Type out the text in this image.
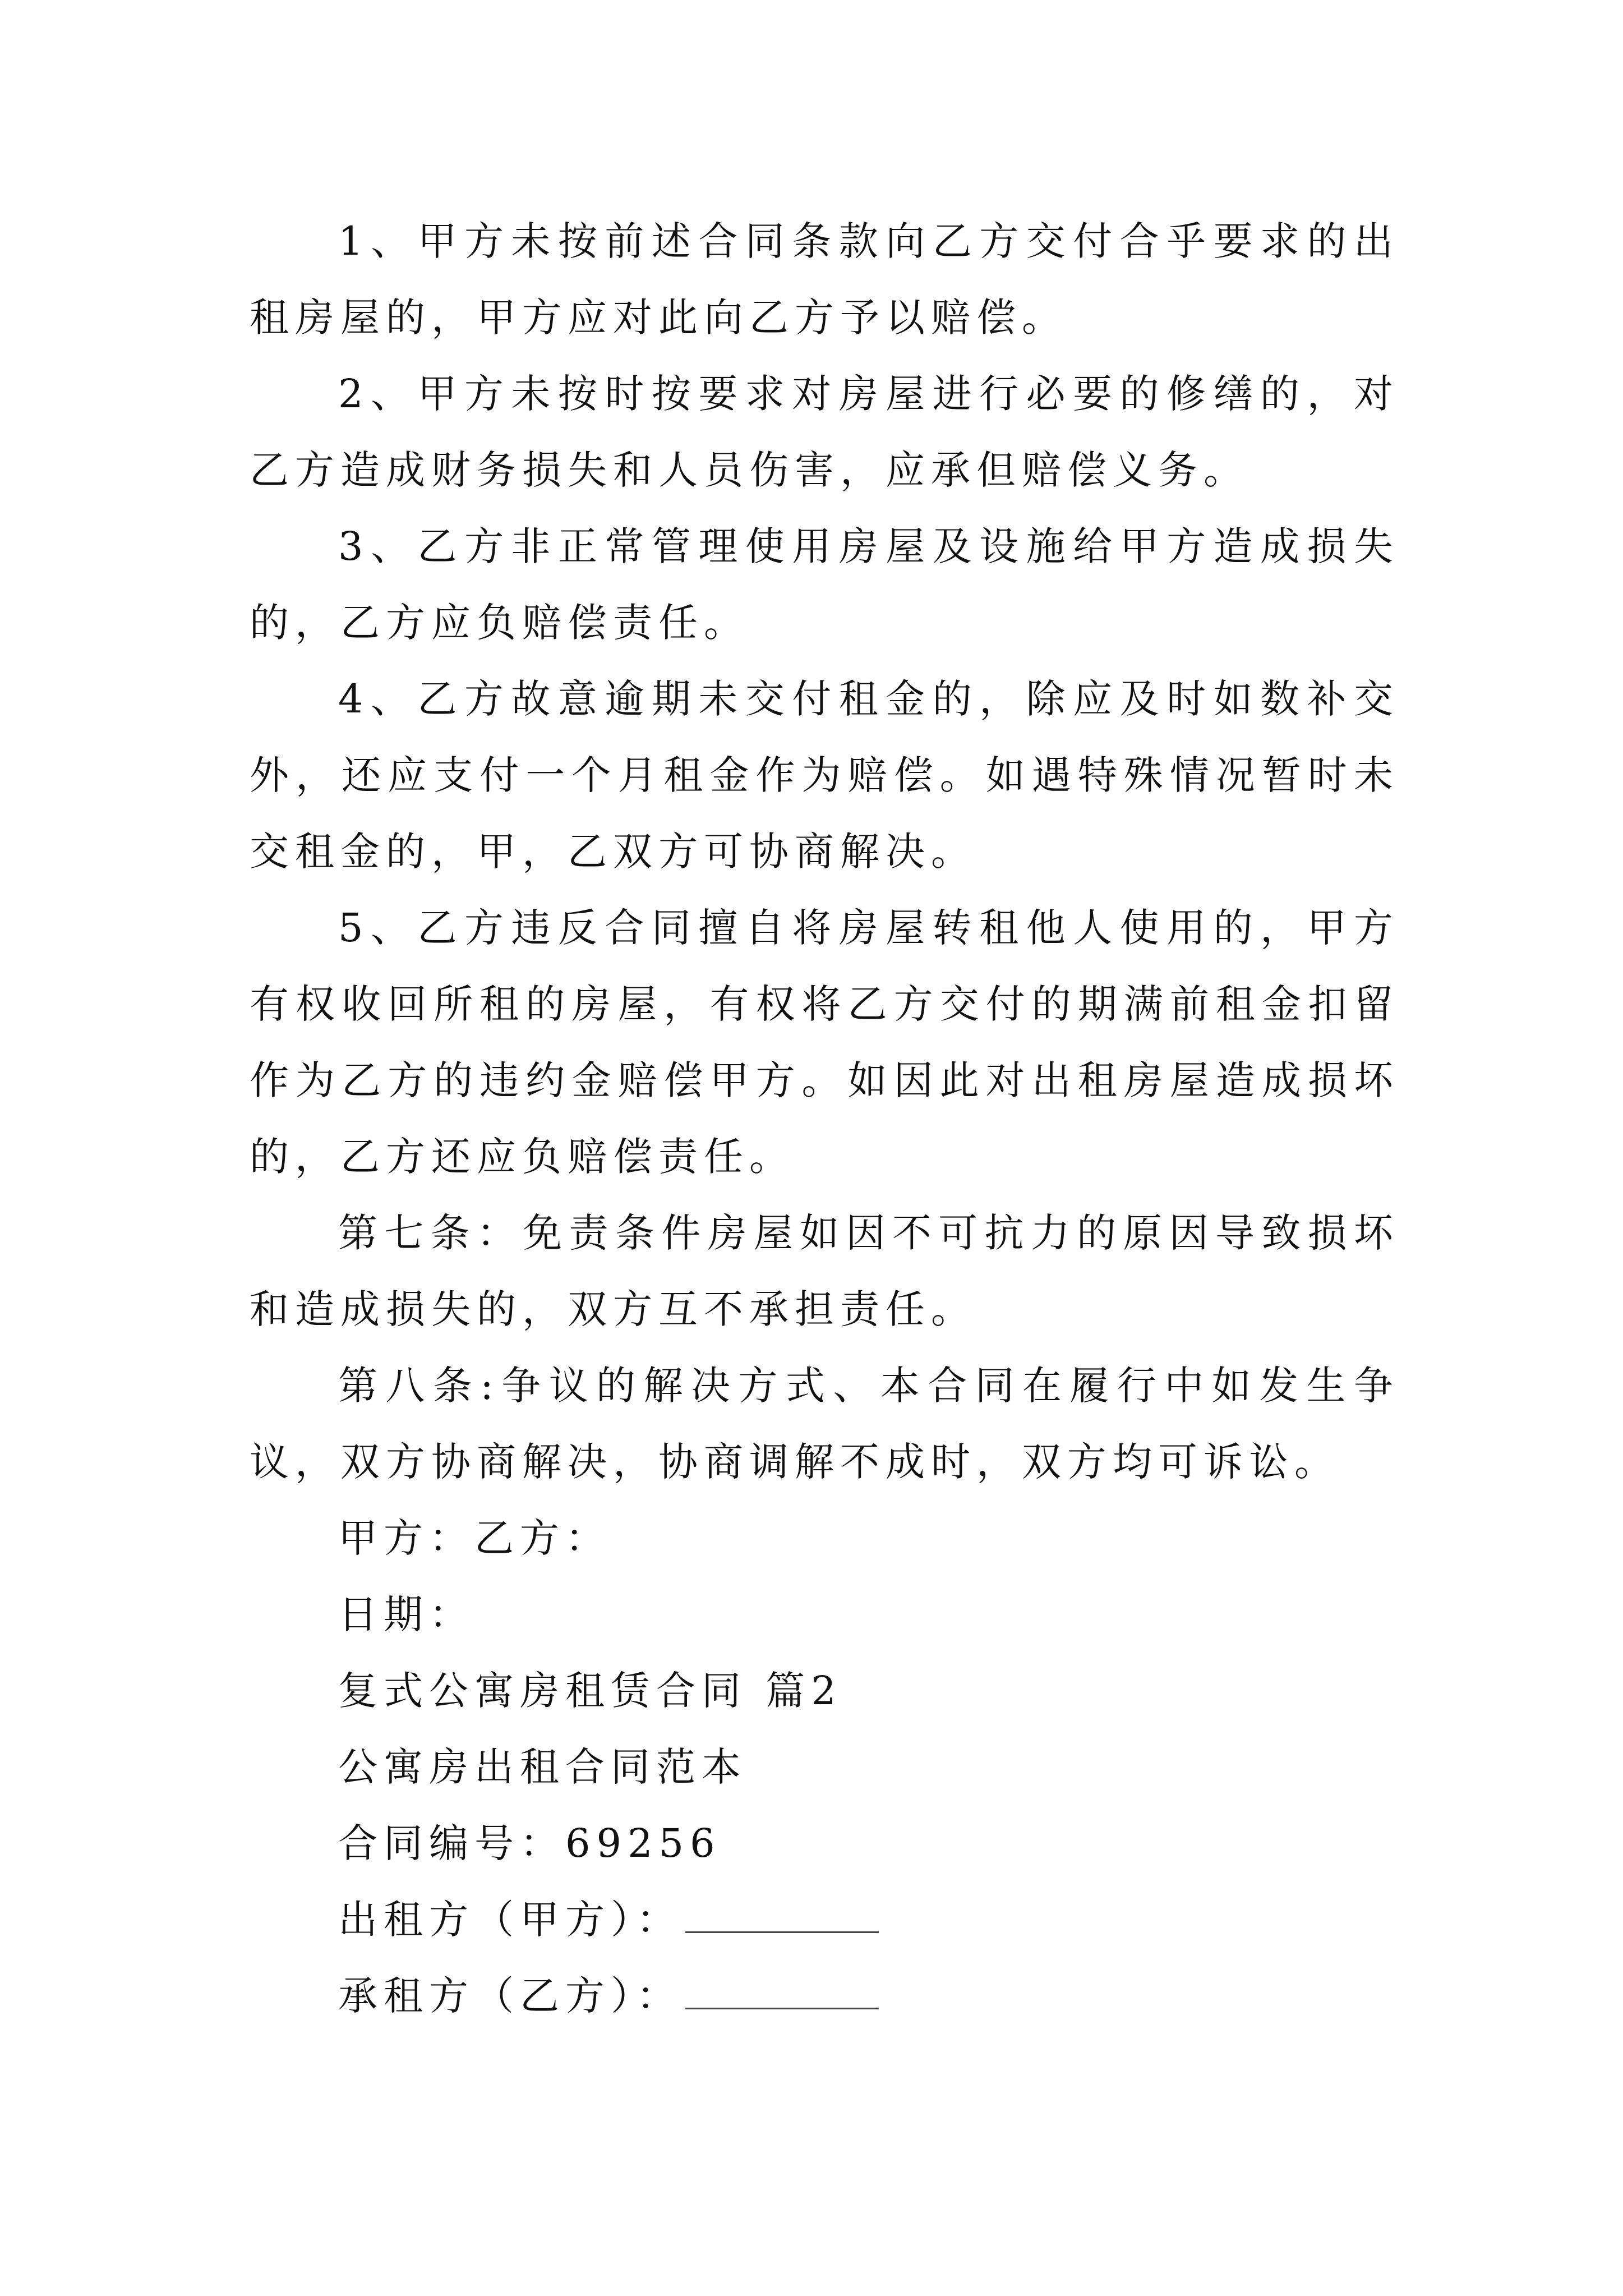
1、甲方未按前述合同条款向乙方交付合乎要求的出租房屋的，甲方应对此向乙方予以赔偿。

2、甲方未按时按要求对房屋进行必要的修缮的，对乙方造成财务损失和人员伤害，应承但赔偿义务。

3、乙方非正常管理使用房屋及设施给甲方造成损失的，乙方应负赔偿责任。

4、乙方故意逾期未交付租金的，除应及时如数补交外，还应支付一个月租金作为赔偿。如遇特殊情况暂时未交租金的，甲，乙双方可协商解决。

5、乙方违反合同擅自将房屋转租他人使用的，甲方有权收回所租的房屋，有权将乙方交付的期满前租金扣留作为乙方的违约金赔偿甲方。如因此对出租房屋造成损坏的，乙方还应负赔偿责任。

第七条：免责条件房屋如因不可抗力的原因导致损坏和造成损失的，双方互不承担责任。

第八条:争议的解决方式、本合同在履行中如发生争议，双方协商解决，协商调解不成时，双方均可诉讼。

甲方：乙方：

日期：

复式公寓房租赁合同 篇2

公寓房出租合同范本

合同编号：69256

出租方（甲方）：

承租方（乙方）：
